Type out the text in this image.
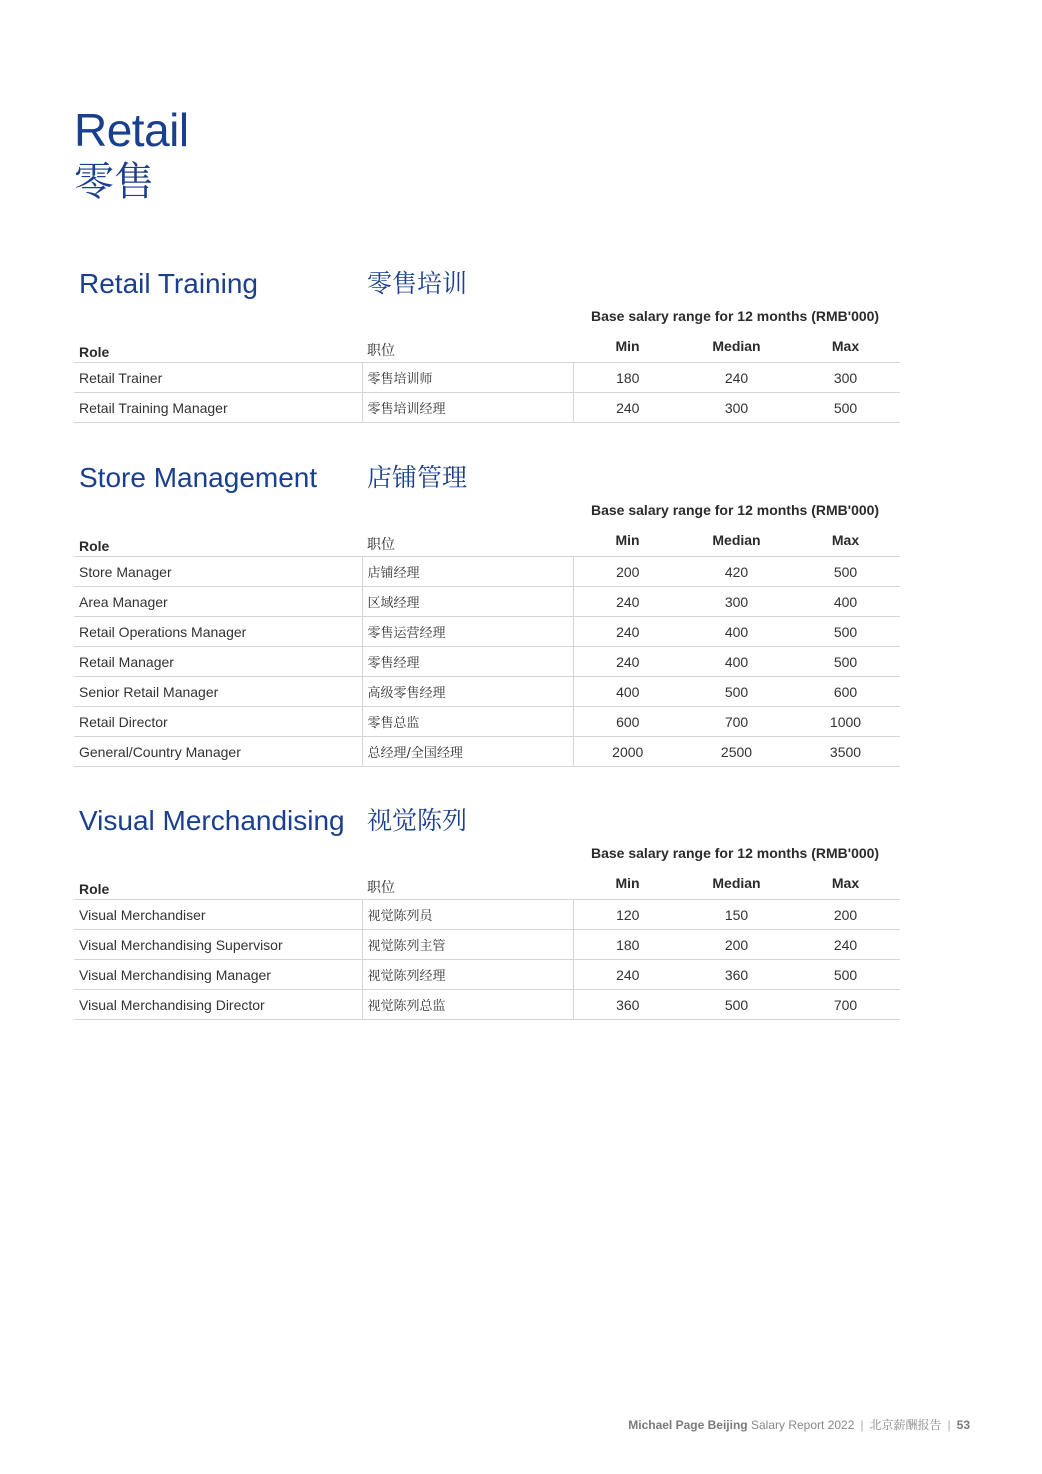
Retail
零售
Retail Training	零售培训
Base salary range for 12 months (RMB'000)
Role	职位	Min	Median	Max
Retail Trainer	零售培训师	180	240	300
Retail Training Manager	零售培训经理	240	300	500
Store Management 店铺管理
Base salary range for 12 months (RMB'000)
Role	职位	Min	Median	Max
Store Manager	店铺经理	200	420	500
Area Manager	区域经理	240	300	400
Retail Operations Manager	零售运营经理	240	400	500
Retail Manager	零售经理	240	400	500
Senior Retail Manager	高级零售经理	400	500	600
Retail Director	零售总监	600	700	1000
General/Country Manager	总经理/全国经理	2000	2500	3500
Visual Merchandising 视觉陈列
Base salary range for 12 months (RMB'000)
Role	职位	Min	Median	Max
Visual Merchandiser	视觉陈列员	120	150	200
Visual Merchandising Supervisor	视觉陈列主管	180	200	240
Visual Merchandising Manager	视觉陈列经理	240	360	500
Visual Merchandising Director	视觉陈列总监	360	500	700
Michael Page Beijing Salary Report 2022 | 北京薪酬报告 | 53
